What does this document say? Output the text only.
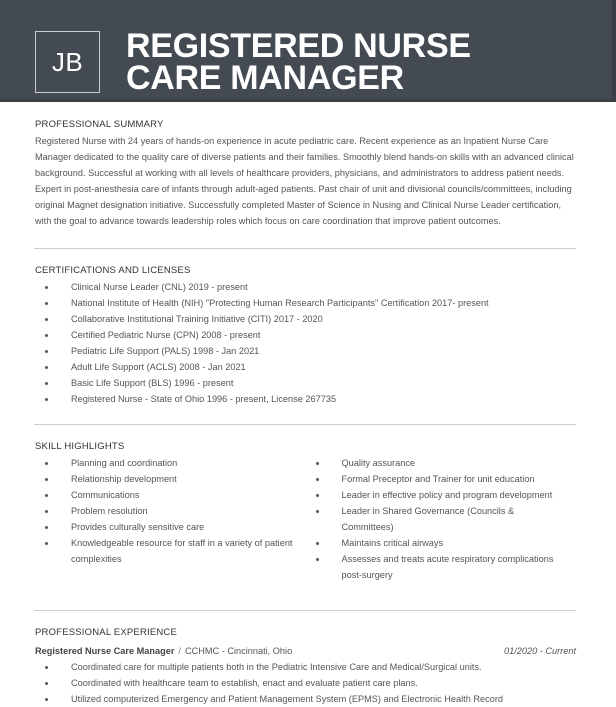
JB	REGISTERED NURSE
CARE MANAGER
PROFESSIONAL SUMMARY
Registered Nurse with 24 years of hands-on experience in acute pediatric care. Recent experience as an Inpatient Nurse Care Manager dedicated to the quality care of diverse patients and their families. Smoothly blend hands-on skills with an advanced clinical background. Successful at working with all levels of healthcare providers, physicians, and administrators to address patient needs. Expert in post-anesthesia care of infants through adult-aged patients. Past chair of unit and divisional councils/committees, including original Magnet designation initiative. Successfully completed Master of Science in Nusing and Clinical Nurse Leader certification, with the goal to advance towards leadership roles which focus on care coordination that improve patient outcomes.
CERTIFICATIONS AND LICENSES
Clinical Nurse Leader (CNL) 2019 - present
National Institute of Health (NIH) "Protecting Human Research Participants" Certification 2017- present
Collaborative Institutional Training Initiative (CITI) 2017 - 2020
Certified Pediatric Nurse (CPN) 2008 - present
Pediatric Life Support (PALS) 1998 - Jan 2021
Adult Life Support (ACLS) 2008 - Jan 2021
Basic Life Support (BLS) 1996 - present
Registered Nurse - State of Ohio 1996 - present, License 267735
SKILL HIGHLIGHTS
Planning and coordination
Relationship development
Communications
Problem resolution
Provides culturally sensitive care
Knowledgeable resource for staff in a variety of patient complexities
Quality assurance
Formal Preceptor and Trainer for unit education
Leader in effective policy and program development
Leader in Shared Governance (Councils & Committees)
Maintains critical airways
Assesses and treats acute respiratory complications post-surgery
PROFESSIONAL EXPERIENCE
Registered Nurse Care Manager / CCHMC - Cincinnati, Ohio	01/2020 - Current
Coordinated care for multiple patients both in the Pediatric Intensive Care and Medical/Surgical units.
Coordinated with healthcare team to establish, enact and evaluate patient care plans.
Utilized computerized Emergency and Patient Management System (EPMS) and Electronic Health Record
